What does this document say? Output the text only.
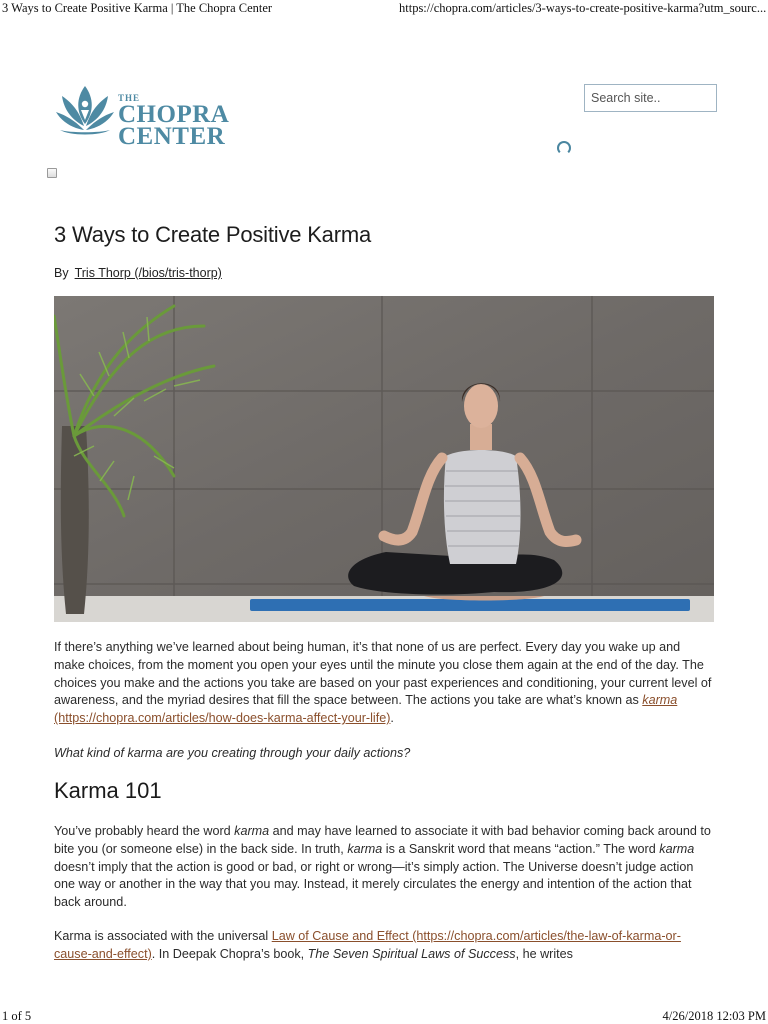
3 Ways to Create Positive Karma | The Chopra Center	https://chopra.com/articles/3-ways-to-create-positive-karma?utm_sourc...
THE
CHOPRA
CENTER
Search site..
3 Ways to Create Positive Karma
By Tris Thorp (/bios/tris-thorp)

If there’s anything we’ve learned about being human, it’s that none of us are perfect. Every day you wake up and make choices, from the moment you open your eyes until the minute you close them again at the end of the day. The choices you make and the actions you take are based on your past experiences and conditioning, your current level of awareness, and the myriad desires that fill the space between. The actions you take are what’s known as karma (https://chopra.com/articles/how-does-karma-affect-your-life).

What kind of karma are you creating through your daily actions?

Karma 101

You’ve probably heard the word karma and may have learned to associate it with bad behavior coming back around to bite you (or someone else) in the back side. In truth, karma is a Sanskrit word that means “action.” The word karma doesn’t imply that the action is good or bad, or right or wrong—it’s simply action. The Universe doesn’t judge action one way or another in the way that you may. Instead, it merely circulates the energy and intention of the action that back around.

Karma is associated with the universal Law of Cause and Effect (https://chopra.com/articles/the-law-of-karma-or-cause-and-effect). In Deepak Chopra’s book, The Seven Spiritual Laws of Success, he writes

1 of 5	4/26/2018 12:03 PM
